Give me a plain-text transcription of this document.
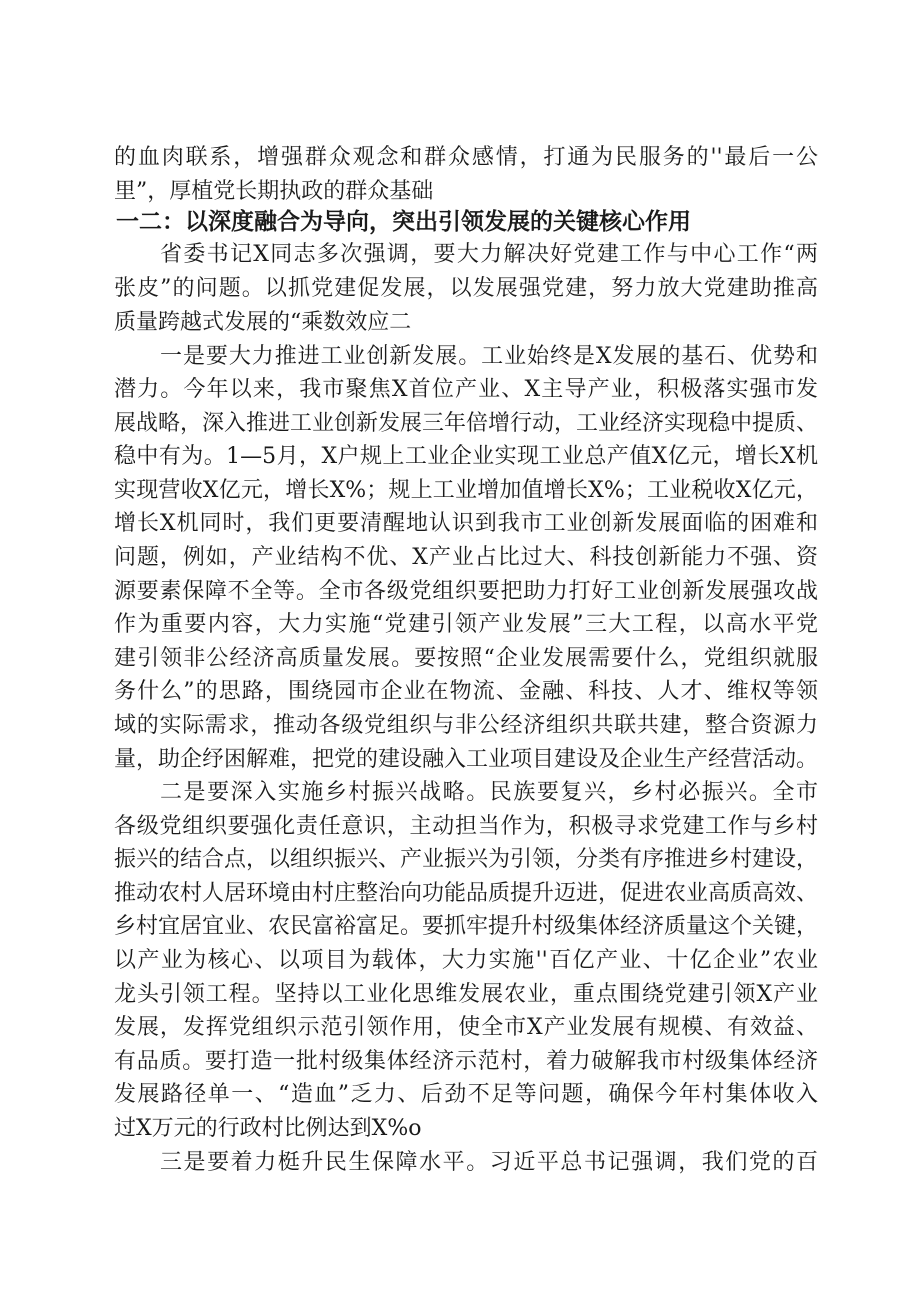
的血肉联系，增强群众观念和群众感情，打通为民服务的''最后一公
里”，厚植党长期执政的群众基础
一二：以深度融合为导向，突出引领发展的关键核心作用
省委书记X同志多次强调，要大力解决好党建工作与中心工作“两
张皮”的问题。以抓党建促发展，以发展强党建，努力放大党建助推高
质量跨越式发展的“乘数效应二
一是要大力推进工业创新发展。工业始终是X发展的基石、优势和
潜力。今年以来，我市聚焦X首位产业、X主导产业，积极落实强市发
展战略，深入推进工业创新发展三年倍增行动，工业经济实现稳中提质、
稳中有为。1—5月，X户规上工业企业实现工业总产值X亿元，增长X机
实现营收X亿元，增长X%；规上工业增加值增长X%；工业税收X亿元，
增长X机同时，我们更要清醒地认识到我市工业创新发展面临的困难和
问题，例如，产业结构不优、X产业占比过大、科技创新能力不强、资
源要素保障不全等。全市各级党组织要把助力打好工业创新发展强攻战
作为重要内容，大力实施“党建引领产业发展”三大工程，以高水平党
建引领非公经济高质量发展。要按照“企业发展需要什么，党组织就服
务什么”的思路，围绕园市企业在物流、金融、科技、人才、维权等领
域的实际需求，推动各级党组织与非公经济组织共联共建，整合资源力
量，助企纾困解难，把党的建设融入工业项目建设及企业生产经营活动。
二是要深入实施乡村振兴战略。民族要复兴，乡村必振兴。全市
各级党组织要强化责任意识，主动担当作为，积极寻求党建工作与乡村
振兴的结合点，以组织振兴、产业振兴为引领，分类有序推进乡村建设，
推动农村人居环境由村庄整治向功能品质提升迈进，促进农业高质高效、
乡村宜居宜业、农民富裕富足。要抓牢提升村级集体经济质量这个关键，
以产业为核心、以项目为载体，大力实施''百亿产业、十亿企业”农业
龙头引领工程。坚持以工业化思维发展农业，重点围绕党建引领X产业
发展，发挥党组织示范引领作用，使全市X产业发展有规模、有效益、
有品质。要打造一批村级集体经济示范村，着力破解我市村级集体经济
发展路径单一、“造血”乏力、后劲不足等问题，确保今年村集体收入
过X万元的行政村比例达到X%o
三是要着力梃升民生保障水平。习近平总书记强调，我们党的百
